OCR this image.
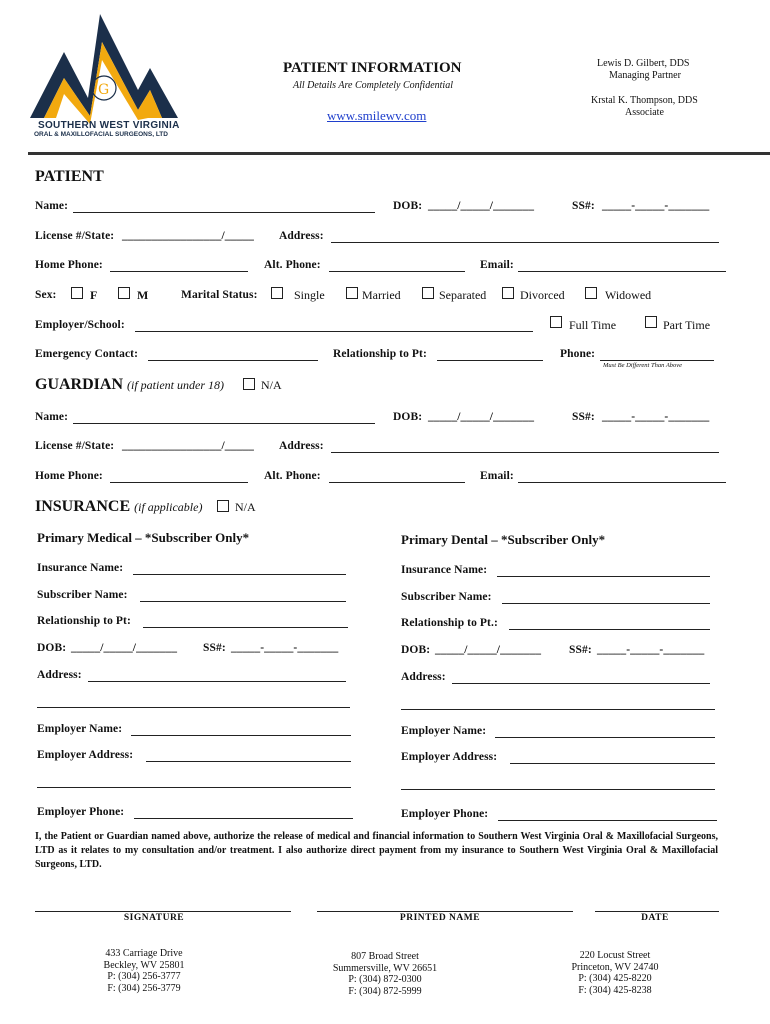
G
SOUTHERN WEST VIRGINIA
ORAL & MAXILLOFACIAL SURGEONS, LTD
PATIENT INFORMATION
All Details Are Completely Confidential
www.smilewv.com
Lewis D. Gilbert, DDS
Managing Partner
Krstal K. Thompson, DDS
Associate
PATIENT
Name:	DOB: _____/_____/_______	SS#: _____-_____-_______
License #/State: _________________/_____ Address:
Home Phone:	Alt. Phone:	Email:
Sex:	F	M	Marital Status:	Single	Married	Separated	Divorced	Widowed
Employer/School:	Full Time	Part Time
Emergency Contact:	Relationship to Pt:	Phone:
Must Be Different Than Above
GUARDIAN (if patient under 18)	N/A
Name:	DOB: _____/_____/_______	SS#: _____-_____-_______
License #/State: _________________/_____ Address:
Home Phone:	Alt. Phone:	Email:
INSURANCE (if applicable)	N/A
Primary Medical – *Subscriber Only*	Primary Dental – *Subscriber Only*
Insurance Name:
Subscriber Name:
Relationship to Pt:
DOB: _____/_____/_______ SS#: _____-_____-_______
Address:
Employer Name:
Employer Address:
Employer Phone:
Insurance Name:
Subscriber Name:
Relationship to Pt.:
DOB: _____/_____/_______ SS#: _____-_____-_______
Address:
Employer Name:
Employer Address:
Employer Phone:
I, the Patient or Guardian named above, authorize the release of medical and financial information to Southern West Virginia Oral & Maxillofacial Surgeons, LTD as it relates to my consultation and/or treatment. I also authorize direct payment from my insurance to Southern West Virginia Oral & Maxillofacial Surgeons, LTD.
SIGNATURE	PRINTED NAME	DATE
433 Carriage Drive
Beckley, WV 25801
P: (304) 256-3777
F: (304) 256-3779
807 Broad Street
Summersville, WV 26651
P: (304) 872-0300
F: (304) 872-5999
220 Locust Street
Princeton, WV 24740
P: (304) 425-8220
F: (304) 425-8238
